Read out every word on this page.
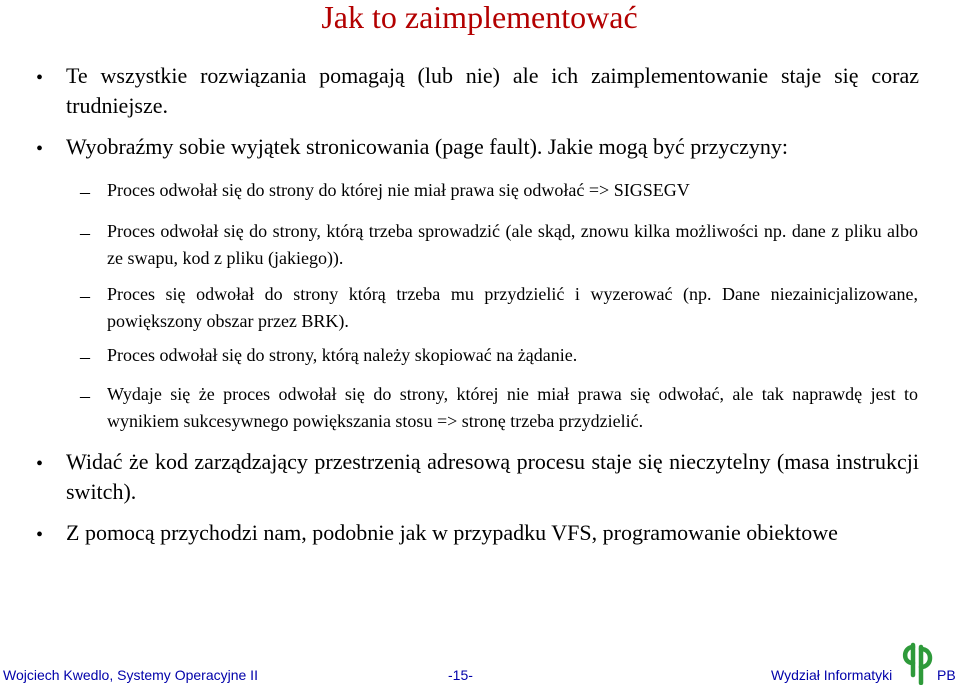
Jak to zaimplementować
• Te wszystkie rozwiązania pomagają (lub nie) ale ich zaimplementowanie staje się coraz trudniejsze.
• Wyobraźmy sobie wyjątek stronicowania (page fault). Jakie mogą być przyczyny:
– Proces odwołał się do strony do której nie miał prawa się odwołać => SIGSEGV
– Proces odwołał się do strony, którą trzeba sprowadzić (ale skąd, znowu kilka możliwości np. dane z pliku albo ze swapu, kod z pliku (jakiego)).
– Proces się odwołał do strony którą trzeba mu przydzielić i wyzerować (np. Dane niezainicjalizowane, powiększony obszar przez BRK).
– Proces odwołał się do strony, którą należy skopiować na żądanie.
– Wydaje się że proces odwołał się do strony, której nie miał prawa się odwołać, ale tak naprawdę jest to wynikiem sukcesywnego powiększania stosu => stronę trzeba przydzielić.
• Widać że kod zarządzający przestrzenią adresową procesu staje się nieczytelny (masa instrukcji switch).
• Z pomocą przychodzi nam, podobnie jak w przypadku VFS, programowanie obiektowe
Wojciech Kwedlo, Systemy Operacyjne II	-15-	Wydział Informatyki	PB
